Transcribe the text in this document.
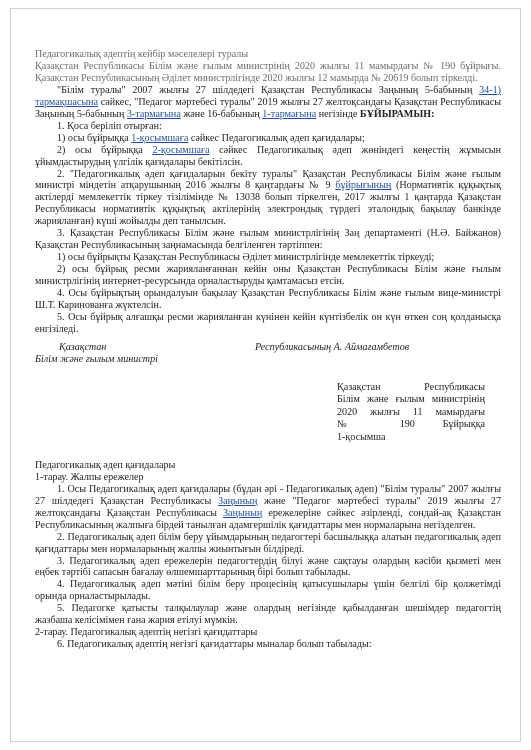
Педагогикалық әдептің кейбір мәселелері туралы

Қазақстан Республикасы Білім және ғылым министрінің 2020 жылғы 11 мамырдағы № 190 бұйрығы. Қазақстан Республикасының Әділет министрлігінде 2020 жылғы 12 мамырда № 20619 болып тіркелді.

"Білім туралы" 2007 жылғы 27 шілдедегі Қазақстан Республикасы Заңының 5-бабының 34-1) тармақшасына сәйкес, "Педагог мәртебесі туралы" 2019 жылғы 27 желтоқсандағы Қазақстан Республикасы Заңының 5-бабының 3-тармағына және 16-бабының 1-тармағына негізінде БҰЙЫРАМЫН:

1. Қоса беріліп отырған:

1) осы бұйрыққа 1-қосымшаға сәйкес Педагогикалық әдеп қағидалары;

2) осы бұйрыққа 2-қосымшаға сәйкес Педагогикалық әдеп жөніндегі кеңестің жұмысын ұйымдастырудың үлгілік қағидалары бекітілсін.

2. "Педагогикалық әдеп қағидаларын бекіту туралы" Қазақстан Республикасы Білім және ғылым министрі міндетін атқарушының 2016 жылғы 8 қаңтардағы № 9 бұйрығының (Нормативтік құқықтық актілерді мемлекеттік тіркеу тізілімінде № 13038 болып тіркелген, 2017 жылғы 1 қаңтарда Қазақстан Республикасы нормативтік құқықтық актілерінің электрондық түрдегі эталондық бақылау банкінде жарияланған) күші жойылды деп танылсын.

3. Қазақстан Республикасы Білім және ғылым министрлігінің Заң департаменті (Н.Ә. Байжанов) Қазақстан Республикасының заңнамасында белгіленген тәртіппен:

1) осы бұйрықты Қазақстан Республикасы Әділет министрлігінде мемлекеттік тіркеуді;

2) осы бұйрық ресми жарияланғаннан кейін оны Қазақстан Республикасы Білім және ғылым министрлігінің интернет-ресурсында орналастыруды қамтамасыз етсін.

4. Осы бұйрықтың орындалуын бақылау Қазақстан Республикасы Білім және ғылым вице-министрі Ш.Т. Каринованға жүктелсін.

5. Осы бұйрық алғашқы ресми жарияланған күнінен кейін күнтізбелік он күн өткен соң қолданысқа енгізіледі.

Қазақстан	Республикасының А. Аймағамбетов
Білім және ғылым министрі
Қазақстан Республикасы
Білім және ғылым министрінің
2020 жылғы 11 мамырдағы
№ 190 Бұйрыққа
1-қосымша

Педагогикалық әдеп қағидалары

1-тарау. Жалпы ережелер

1. Осы Педагогикалық әдеп қағидалары (бұдан әрі - Педагогикалық әдеп) "Білім туралы" 2007 жылғы 27 шілдедегі Қазақстан Республикасы Заңының және "Педагог мәртебесі туралы" 2019 жылғы 27 желтоқсандағы Қазақстан Республикасы Заңының ережелеріне сәйкес әзірленді, сондай-ақ Қазақстан Республикасының жалпыға бірдей танылған адамгершілік қағидаттары мен нормаларына негізделген.

2. Педагогикалық әдеп білім беру ұйымдарының педагогтері басшылыққа алатын педагогикалық әдеп қағидаттары мен нормаларының жалпы жиынтығын білдіреді.

3. Педагогикалық әдеп ережелерін педагогтердің білуі және сақтауы олардың кәсіби қызметі мен еңбек тәртібі сапасын бағалау өлшемшарттарының бірі болып табылады.

4. Педагогикалық әдеп мәтіні білім беру процесінің қатысушылары үшін белгілі бір қолжетімді орында орналастырылады.

5. Педагогке қатысты талқылаулар және олардың негізінде қабылданған шешімдер педагогтің жазбаша келісімімен ғана жария етілуі мүмкін.

2-тарау. Педагогикалық әдептің негізгі қағидаттары

6. Педагогикалық әдептің негізгі қағидаттары мыналар болып табылады:
